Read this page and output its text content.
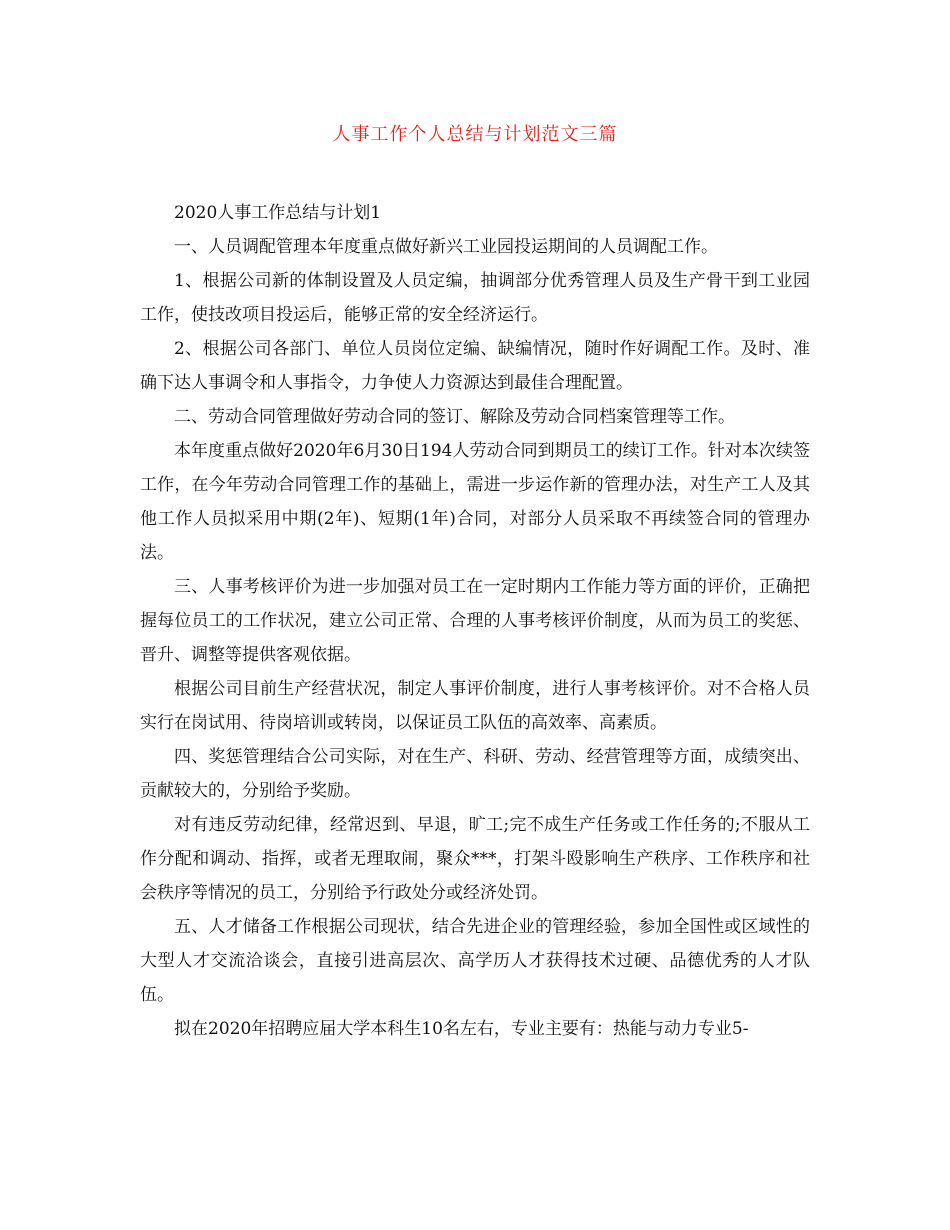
人事工作个人总结与计划范文三篇

2020人事工作总结与计划1

一、人员调配管理本年度重点做好新兴工业园投运期间的人员调配工作。

1、根据公司新的体制设置及人员定编，抽调部分优秀管理人员及生产骨干到工业园工作，使技改项目投运后，能够正常的安全经济运行。

2、根据公司各部门、单位人员岗位定编、缺编情况，随时作好调配工作。及时、准确下达人事调令和人事指令，力争使人力资源达到最佳合理配置。

二、劳动合同管理做好劳动合同的签订、解除及劳动合同档案管理等工作。

本年度重点做好2020年6月30日194人劳动合同到期员工的续订工作。针对本次续签工作，在今年劳动合同管理工作的基础上，需进一步运作新的管理办法，对生产工人及其他工作人员拟采用中期(2年)、短期(1年)合同，对部分人员采取不再续签合同的管理办法。

三、人事考核评价为进一步加强对员工在一定时期内工作能力等方面的评价，正确把握每位员工的工作状况，建立公司正常、合理的人事考核评价制度，从而为员工的奖惩、晋升、调整等提供客观依据。

根据公司目前生产经营状况，制定人事评价制度，进行人事考核评价。对不合格人员实行在岗试用、待岗培训或转岗，以保证员工队伍的高效率、高素质。

四、奖惩管理结合公司实际，对在生产、科研、劳动、经营管理等方面，成绩突出、贡献较大的，分别给予奖励。

对有违反劳动纪律，经常迟到、早退，旷工;完不成生产任务或工作任务的;不服从工作分配和调动、指挥，或者无理取闹，聚众***，打架斗殴影响生产秩序、工作秩序和社会秩序等情况的员工，分别给予行政处分或经济处罚。

五、人才储备工作根据公司现状，结合先进企业的管理经验，参加全国性或区域性的大型人才交流洽谈会，直接引进高层次、高学历人才获得技术过硬、品德优秀的人才队伍。

拟在2020年招聘应届大学本科生10名左右，专业主要有：热能与动力专业5-
